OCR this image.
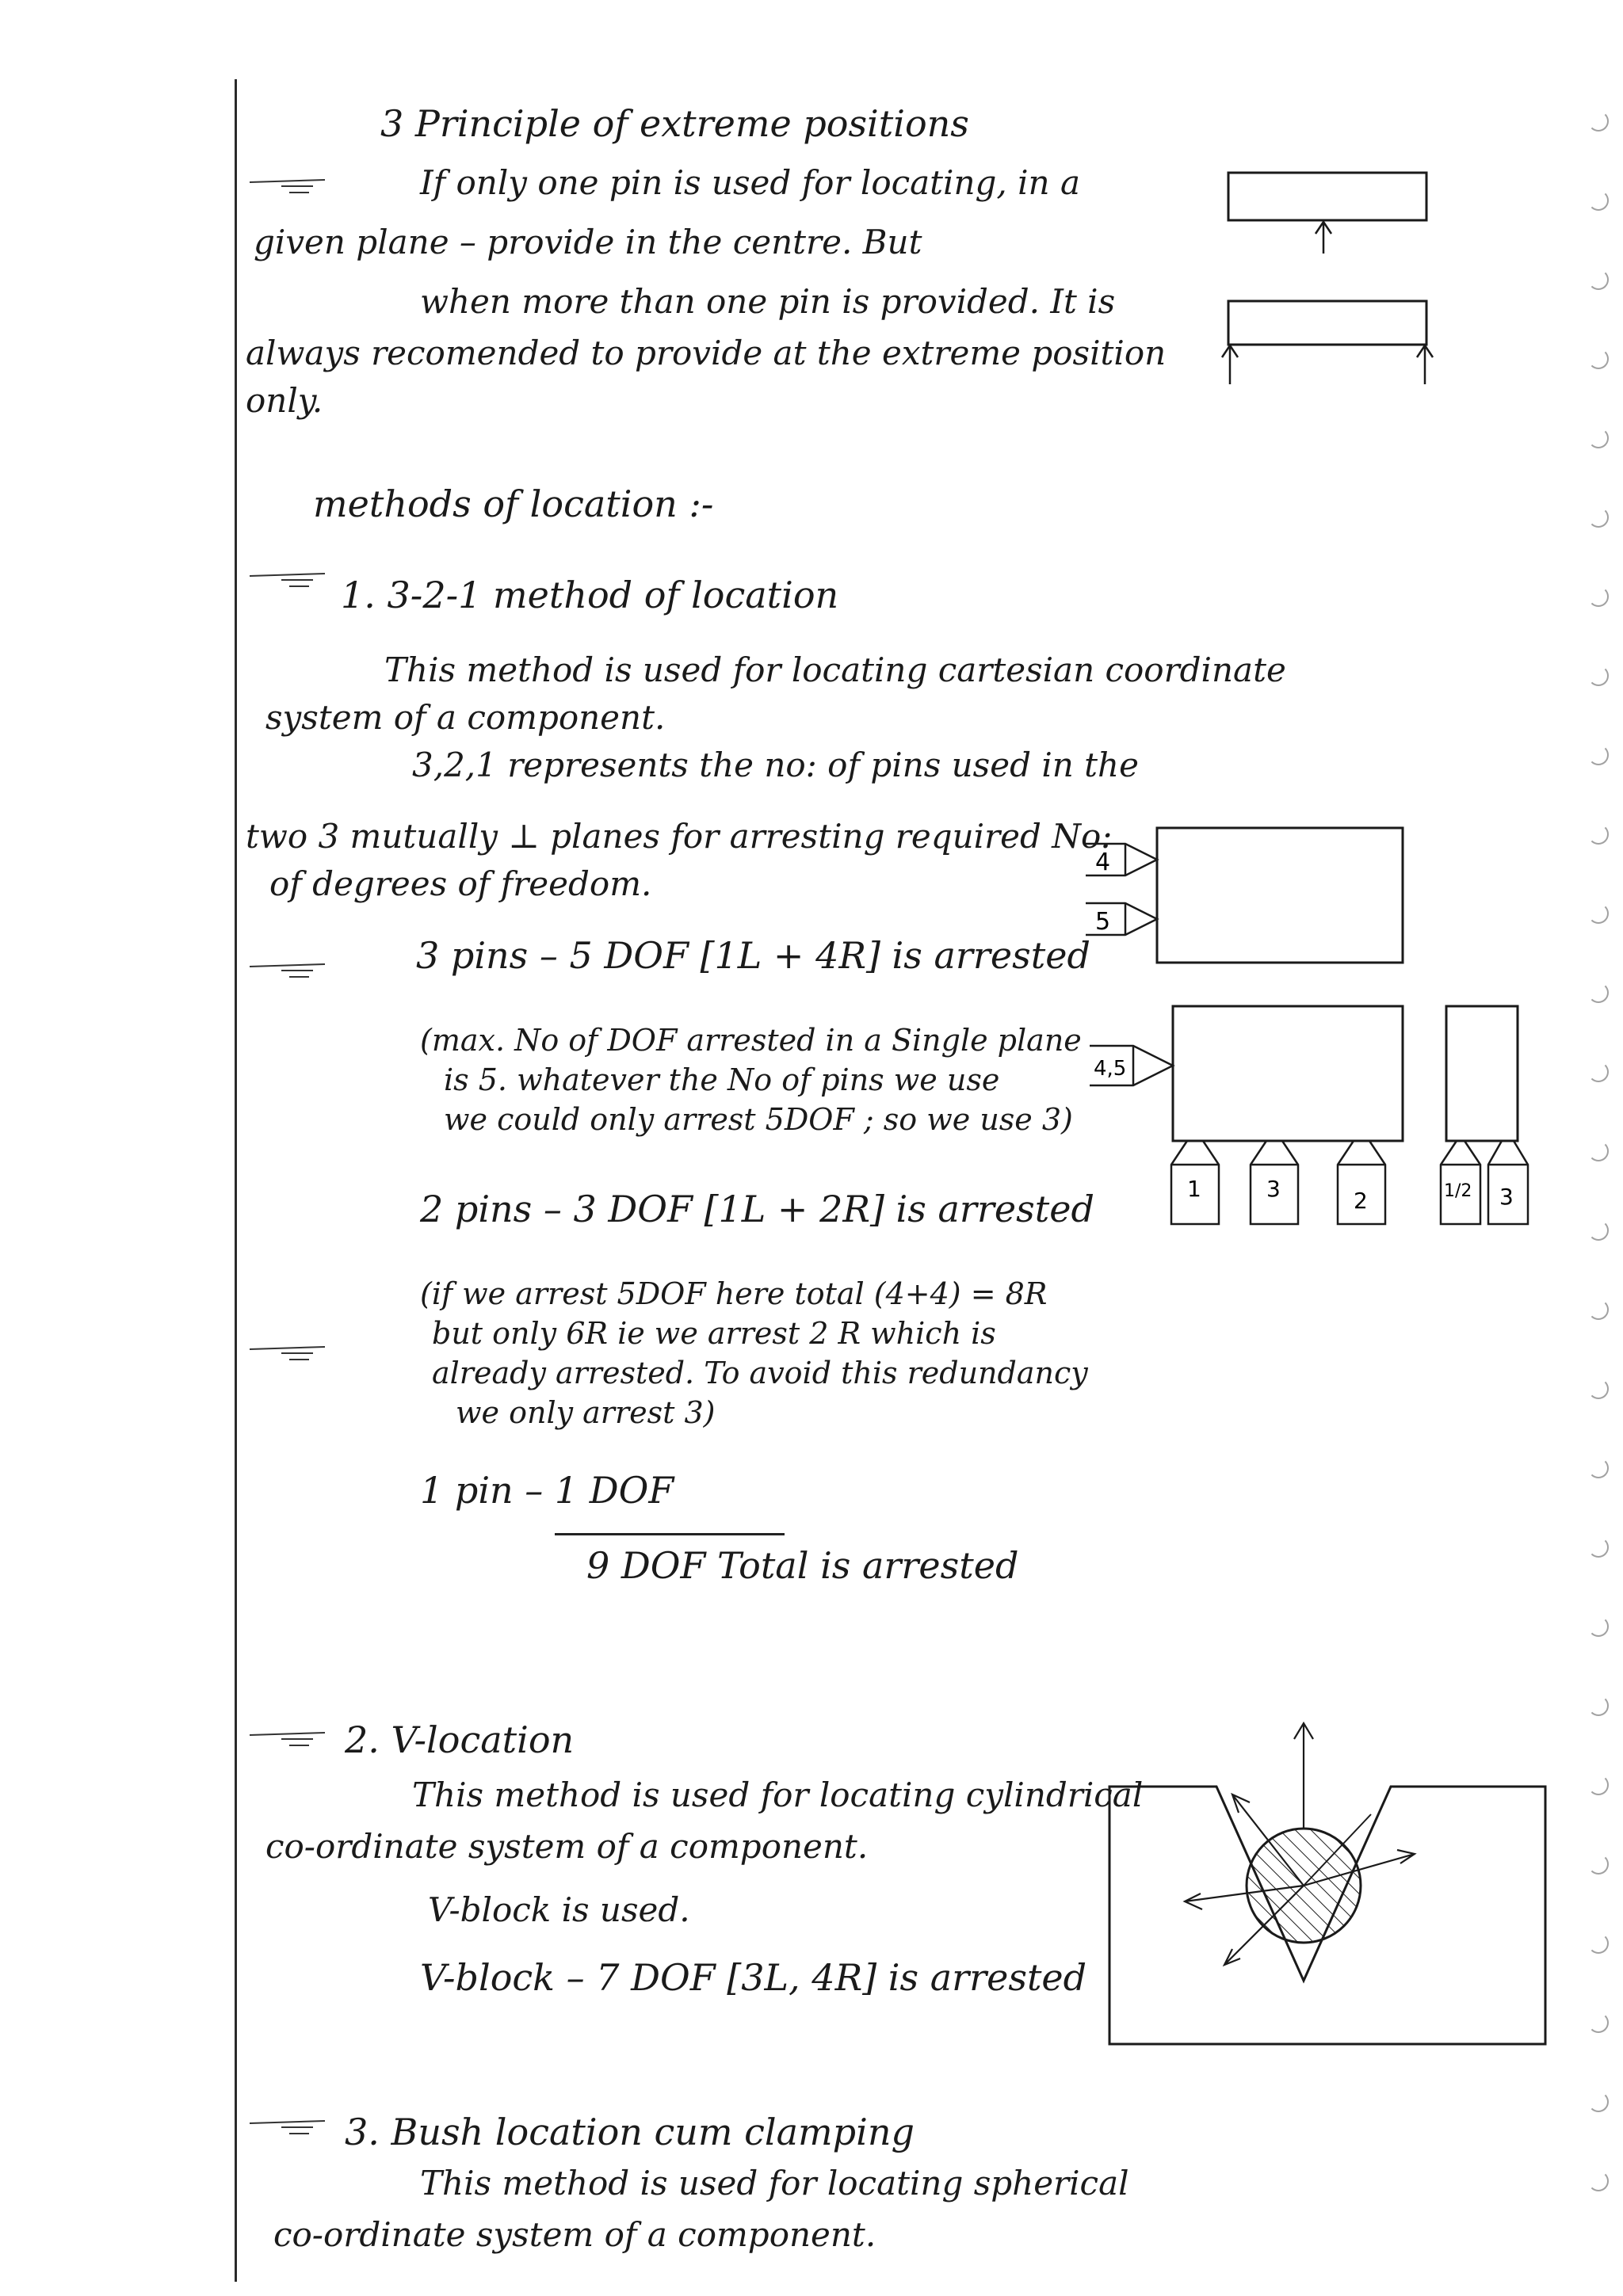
3 Principle of extreme positions
If only one pin is used for locating, in a
given plane – provide in the centre. But
when more than one pin is provided. It is
always recomended to provide at the extreme position
only.
methods of location :-
1. 3-2-1 method of location
This method is used for locating cartesian coordinate
system of a component.
3,2,1 represents the no: of pins used in the
two 3 mutually ⊥ planes for arresting required No:
of degrees of freedom.
3 pins – 5 DOF [1L + 4R] is arrested
(max. No of DOF arrested in a Single plane
is 5. whatever the No of pins we use
we could only arrest 5DOF ; so we use 3)
2 pins – 3 DOF [1L + 2R] is arrested
(if we arrest 5DOF here total (4+4) = 8R
but only 6R ie we arrest 2 R which is
already arrested. To avoid this redundancy
we only arrest 3)
1 pin – 1 DOF
9 DOF Total is arrested
4
5
4,5
1	3	2	1/2 3
2. V-location
This method is used for locating cylindrical
co-ordinate system of a component.
V-block is used.
V-block – 7 DOF [3L, 4R] is arrested
3. Bush location cum clamping
This method is used for locating spherical
co-ordinate system of a component.
